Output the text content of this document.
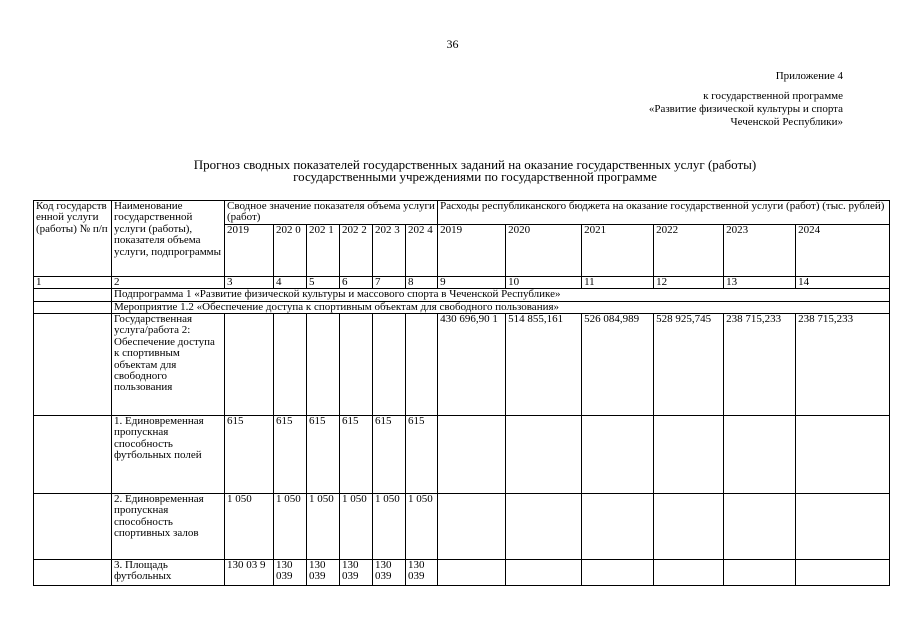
36
Приложение 4
к государственной программе
«Развитие физической культуры и спорта
Чеченской Республики»
Прогноз сводных показателей государственных заданий на оказание государственных услуг (работы)
государственными учреждениями по государственной программе
Код государств енной услуги (работы) № п/п	Наименование государственной услуги (работы), показателя объема услуги, подпрограммы	Сводное значение показателя объема услуги (работ)						Расходы республиканского бюджета на оказание государственной услуги (работ) (тыс. рублей)					
		2019	202 0	202 1	202 2	202 3	202 4	2019	2020	2021	2022	2023	2024
1	2	3	4	5	6	7	8	9	10	11	12	13	14
	Подпрограмма 1 «Развитие физической культуры и массового спорта в Чеченской Республике»												
	Мероприятие 1.2 «Обеспечение доступа к спортивным объектам для свободного пользования»												
	Государственная услуга/работа 2: Обеспечение доступа к спортивным объектам для свободного пользования							430 696,90 1	514 855,161	526 084,989	528 925,745	238 715,233	238 715,233
	1. Единовременная пропускная способность футбольных полей	615	615	615	615	615	615						
	2. Единовременная пропускная способность спортивных залов	1 050	1 050	1 050	1 050	1 050	1 050						
	3. Площадь футбольных	130 03 9	130 039	130 039	130 039	130 039	130 039						
